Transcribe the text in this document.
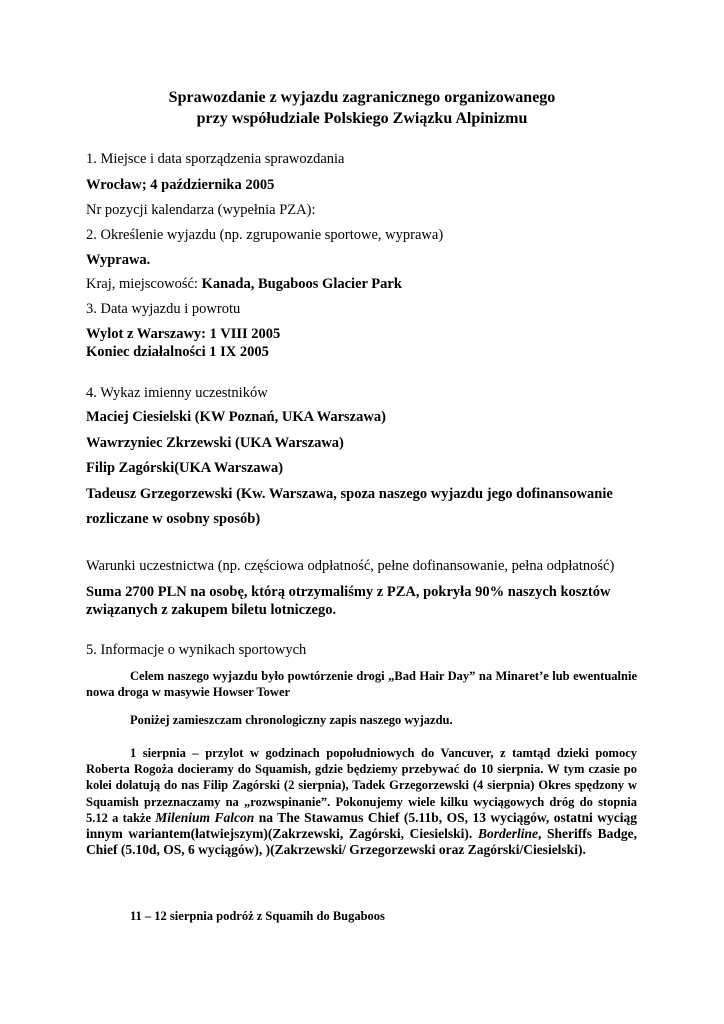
Sprawozdanie z wyjazdu zagranicznego organizowanego
przy współudziale Polskiego Związku Alpinizmu
1. Miejsce i data sporządzenia sprawozdania
Wrocław; 4 października 2005
Nr pozycji kalendarza (wypełnia PZA):
2. Określenie wyjazdu (np. zgrupowanie sportowe, wyprawa)
Wyprawa.
Kraj, miejscowość: Kanada, Bugaboos Glacier Park
3. Data wyjazdu i powrotu
Wylot z Warszawy: 1 VIII 2005
Koniec działalności 1 IX 2005
4. Wykaz imienny uczestników
Maciej Ciesielski (KW Poznań, UKA Warszawa)
Wawrzyniec Zkrzewski (UKA Warszawa)
Filip Zagórski(UKA Warszawa)
Tadeusz Grzegorzewski (Kw. Warszawa, spoza naszego wyjazdu jego dofinansowanie
rozliczane w osobny sposób)
Warunki uczestnictwa (np. częściowa odpłatność, pełne dofinansowanie, pełna odpłatność)
Suma 2700 PLN na osobę, którą otrzymaliśmy z PZA, pokryła 90% naszych kosztów
związanych z zakupem biletu lotniczego.
5. Informacje o wynikach sportowych
Celem naszego wyjazdu było powtórzenie drogi „Bad Hair Day” na Minaret’e lub ewentualnie nowa droga w masywie Howser Tower
Poniżej zamieszczam chronologiczny zapis naszego wyjazdu.
1 sierpnia – przylot w godzinach popołudniowych do Vancuver, z tamtąd dzieki pomocy Roberta Rogoża docieramy do Squamish, gdzie będziemy przebywać do 10 sierpnia. W tym czasie po kolei dolatują do nas Filip Zagórski (2 sierpnia), Tadek Grzegorzewski (4 sierpnia) Okres spędzony w Squamish przeznaczamy na „rozwspinanie”. Pokonujemy wiele kilku wyciągowych dróg do stopnia 5.12 a także Milenium Falcon na The Stawamus Chief (5.11b, OS, 13 wyciągów, ostatni wyciąg innym wariantem(łatwiejszym)(Zakrzewski, Zagórski, Ciesielski). Borderline, Sheriffs Badge, Chief (5.10d, OS, 6 wyciągów), )(Zakrzewski/ Grzegorzewski oraz Zagórski/Ciesielski).
11 – 12 sierpnia podróż z Squamih do Bugaboos
